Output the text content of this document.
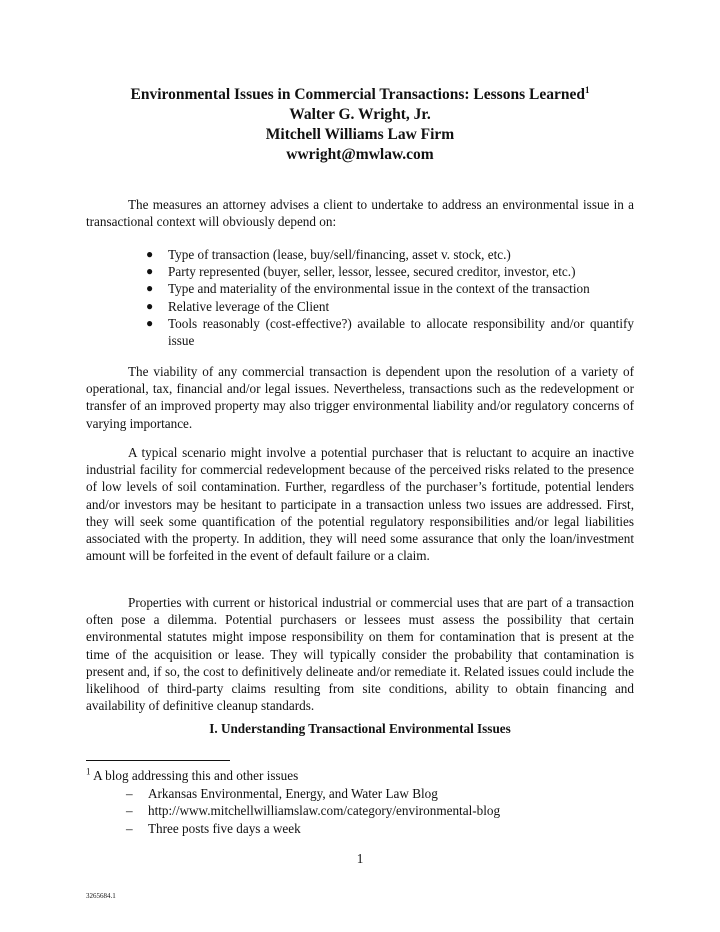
Environmental Issues in Commercial Transactions: Lessons Learned$^1$
Walter G. Wright, Jr.
Mitchell Williams Law Firm
wwright@mwlaw.com

The measures an attorney advises a client to undertake to address an environmental issue in a transactional context will obviously depend on:

● Type of transaction (lease, buy/sell/financing, asset v. stock, etc.)
● Party represented (buyer, seller, lessor, lessee, secured creditor, investor, etc.)
● Type and materiality of the environmental issue in the context of the transaction
● Relative leverage of the Client
● Tools reasonably (cost-effective?) available to allocate responsibility and/or quantify issue

The viability of any commercial transaction is dependent upon the resolution of a variety of operational, tax, financial and/or legal issues. Nevertheless, transactions such as the redevelopment or transfer of an improved property may also trigger environmental liability and/or regulatory concerns of varying importance.

A typical scenario might involve a potential purchaser that is reluctant to acquire an inactive industrial facility for commercial redevelopment because of the perceived risks related to the presence of low levels of soil contamination. Further, regardless of the purchaser’s fortitude, potential lenders and/or investors may be hesitant to participate in a transaction unless two issues are addressed. First, they will seek some quantification of the potential regulatory responsibilities and/or legal liabilities associated with the property. In addition, they will need some assurance that only the loan/investment amount will be forfeited in the event of default failure or a claim.

Properties with current or historical industrial or commercial uses that are part of a transaction often pose a dilemma. Potential purchasers or lessees must assess the possibility that certain environmental statutes might impose responsibility on them for contamination that is present at the time of the acquisition or lease. They will typically consider the probability that contamination is present and, if so, the cost to definitively delineate and/or remediate it. Related issues could include the likelihood of third-party claims resulting from site conditions, ability to obtain financing and availability of definitive cleanup standards.

I. Understanding Transactional Environmental Issues
$^1$ A blog addressing this and other issues
– Arkansas Environmental, Energy, and Water Law Blog
– http://www.mitchellwilliamslaw.com/category/environmental-blog
– Three posts five days a week
1
3265684.1
